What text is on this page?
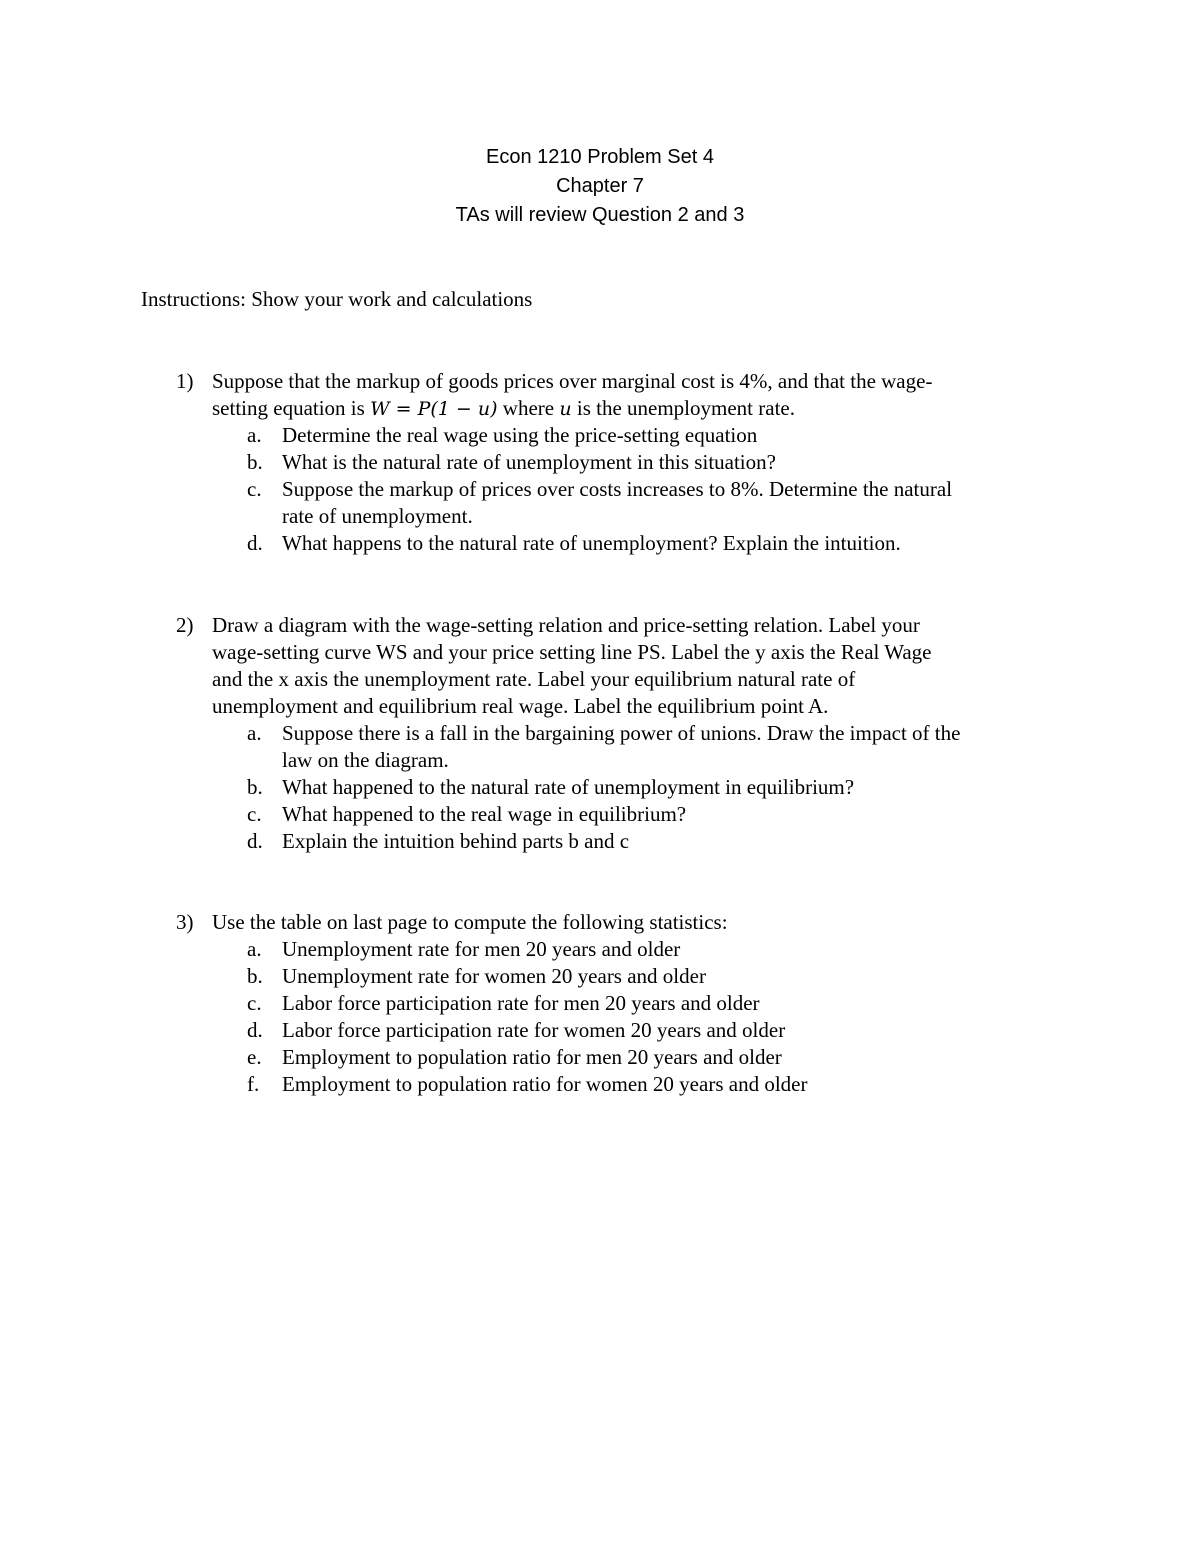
Econ 1210 Problem Set 4
Chapter 7
TAs will review Question 2 and 3
Instructions: Show your work and calculations
1) Suppose that the markup of goods prices over marginal cost is 4%, and that the wage-
setting equation is W = P(1 − u) where u is the unemployment rate.
a. Determine the real wage using the price-setting equation
b. What is the natural rate of unemployment in this situation?
c. Suppose the markup of prices over costs increases to 8%. Determine the natural
rate of unemployment.
d. What happens to the natural rate of unemployment? Explain the intuition.
2) Draw a diagram with the wage-setting relation and price-setting relation. Label your
wage-setting curve WS and your price setting line PS. Label the y axis the Real Wage
and the x axis the unemployment rate. Label your equilibrium natural rate of
unemployment and equilibrium real wage. Label the equilibrium point A.
a. Suppose there is a fall in the bargaining power of unions. Draw the impact of the
law on the diagram.
b. What happened to the natural rate of unemployment in equilibrium?
c. What happened to the real wage in equilibrium?
d. Explain the intuition behind parts b and c
3) Use the table on last page to compute the following statistics:
a. Unemployment rate for men 20 years and older
b. Unemployment rate for women 20 years and older
c. Labor force participation rate for men 20 years and older
d. Labor force participation rate for women 20 years and older
e. Employment to population ratio for men 20 years and older
f. Employment to population ratio for women 20 years and older
